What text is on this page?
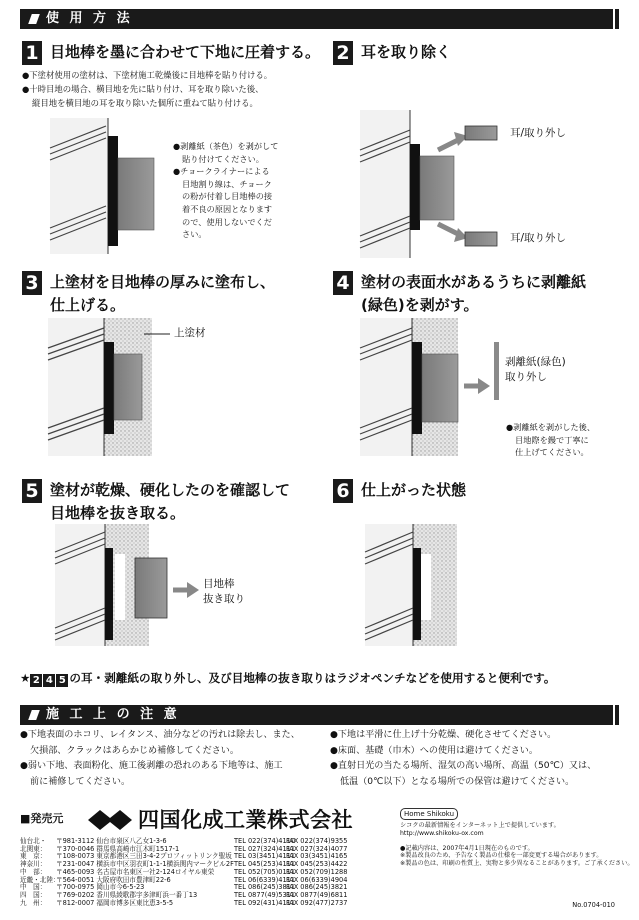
使 用 方 法
1 目地棒を墨に合わせて下地に圧着する。
●下塗材使用の塗材は、下塗材施工乾燥後に目地棒を貼り付ける。
●十時目地の場合、横目地を先に貼り付け、耳を取り除いた後、
縦目地を横目地の耳を取り除いた個所に重ねて貼り付ける。
●剥離紙（茶色）を剥がして
貼り付けてください。
●チョークライナーによる
目地割り線は、チョーク
の粉が付着し目地棒の接
着不良の原因となります
ので、使用しないでくだ
さい。
2 耳を取り除く
耳/取り外し
耳/取り外し
3 上塗材を目地棒の厚みに塗布し、
仕上げる。
上塗材
4 塗材の表面水があるうちに剥離紙
(緑色)を剥がす。
剥離紙(緑色)
取り外し
●剥離紙を剥がした後、
目地際を鏝で丁寧に
仕上げてください。
5 塗材が乾燥、硬化したのを確認して
目地棒を抜き取る。
目地棒
抜き取り
6 仕上がった状態
★ 2 4 5 の耳・剥離紙の取り外し、及び目地棒の抜き取りはラジオペンチなどを使用すると便利です。
施 工 上 の 注 意
●下地表面のホコリ、レイタンス、油分などの汚れは除去し、また、
欠損部、クラックはあらかじめ補修してください。
●弱い下地、表面粉化、施工後剥離の恐れのある下地等は、施工
前に補修してください。
●下地は平滑に仕上げ十分乾燥、硬化させてください。
●床面、基礎（巾木）への使用は避けてください。
●直射日光の当たる場所、湿気の高い場所、高温（50℃）又は、
低温（0℃以下）となる場所での保管は避けてください。
■発売元	四国化成工業株式会社	Home Shikoku
シコクの最新情報をインターネット上で提供しています。
http://www.shikoku-ox.com
●記載内容は、2007年4月1日現在のものです。
※製品改良のため、予告なく製品の仕様を一部変更する場合があります。
※製品の色は、印刷の性質上、実物と多少異なることがあります。ご了承ください。
仙台北・ 〒981-3112 仙台市泉区八乙女1-3-6	TEL 022(374)4110FAX 022(374)9355
北関東： 〒370-0046 群馬県高崎市江木町1517-1	TEL 027(324)4111FAX 027(324)4077
東　京： 〒108-0073 東京都港区三田3-4-2プロフィットリンク聖坂 TEL 03(3451)4111FAX 03(3451)4165
神奈川： 〒231-0047 横浜市中区羽衣町1-1-1横浜関内マークビル2FTEL 045(253)4111FAX 045(253)4422
中　部： 〒465-0093 名古屋市名東区一社2-124ロイヤル東栄	TEL 052(705)0111FAX 052(709)1288
近畿・北陸：〒564-0051 大阪府吹田市豊津町22-6	TEL 06(6339)4111FAX 06(6339)4904
中　国： 〒700-0975 岡山市今6-5-23	TEL 086(245)3811FAX 086(245)3821
四　国： 〒769-0202 香川県綾歌郡宇多津町浜一番丁13	TEL 0877(49)5311FAX 0877(49)6811
九　州： 〒812-0007 福岡市博多区東比恵3-5-5	TEL 092(431)4111FAX 092(477)2737	No.0704-010
